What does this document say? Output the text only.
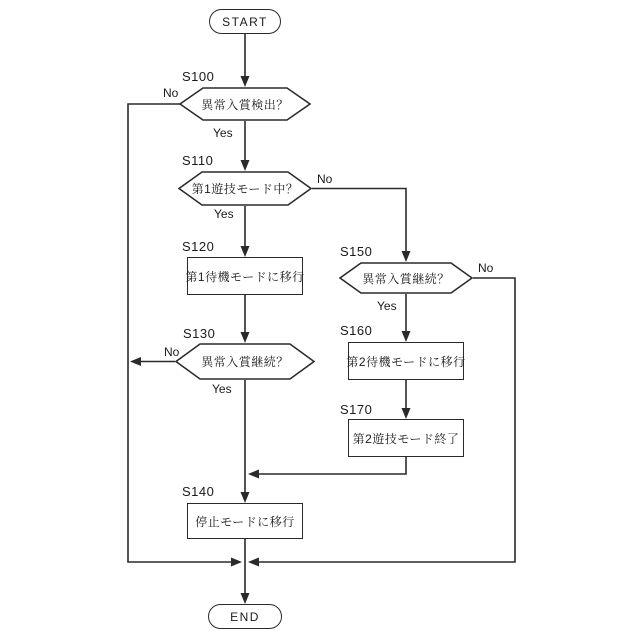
START
S100
異常入賞検出？
No
Yes
S110
第1遊技モード中？
No
Yes
S120
第1待機モードに移行
S130
異常入賞継続？
No
Yes
S140
停止モードに移行
S150
異常入賞継続？
No
Yes
S160
第2待機モードに移行
S170
第2遊技モード終了
END
